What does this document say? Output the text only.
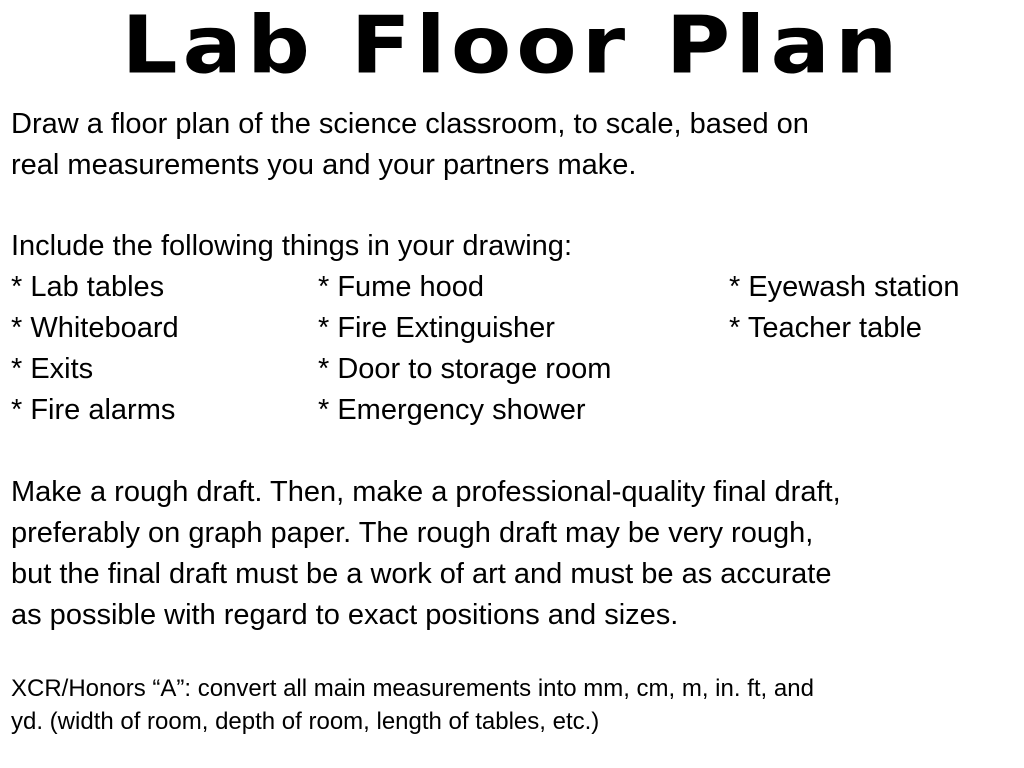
Lab Floor Plan
Draw a floor plan of the science classroom, to scale, based on
real measurements you and your partners make.
Include the following things in your drawing:
* Lab tables	* Fume hood	* Eyewash station
* Whiteboard	* Fire Extinguisher	* Teacher table
* Exits	* Door to storage room
* Fire alarms	* Emergency shower
Make a rough draft. Then, make a professional-quality final draft,
preferably on graph paper. The rough draft may be very rough,
but the final draft must be a work of art and must be as accurate
as possible with regard to exact positions and sizes.
XCR/Honors “A”: convert all main measurements into mm, cm, m, in. ft, and
yd. (width of room, depth of room, length of tables, etc.)
